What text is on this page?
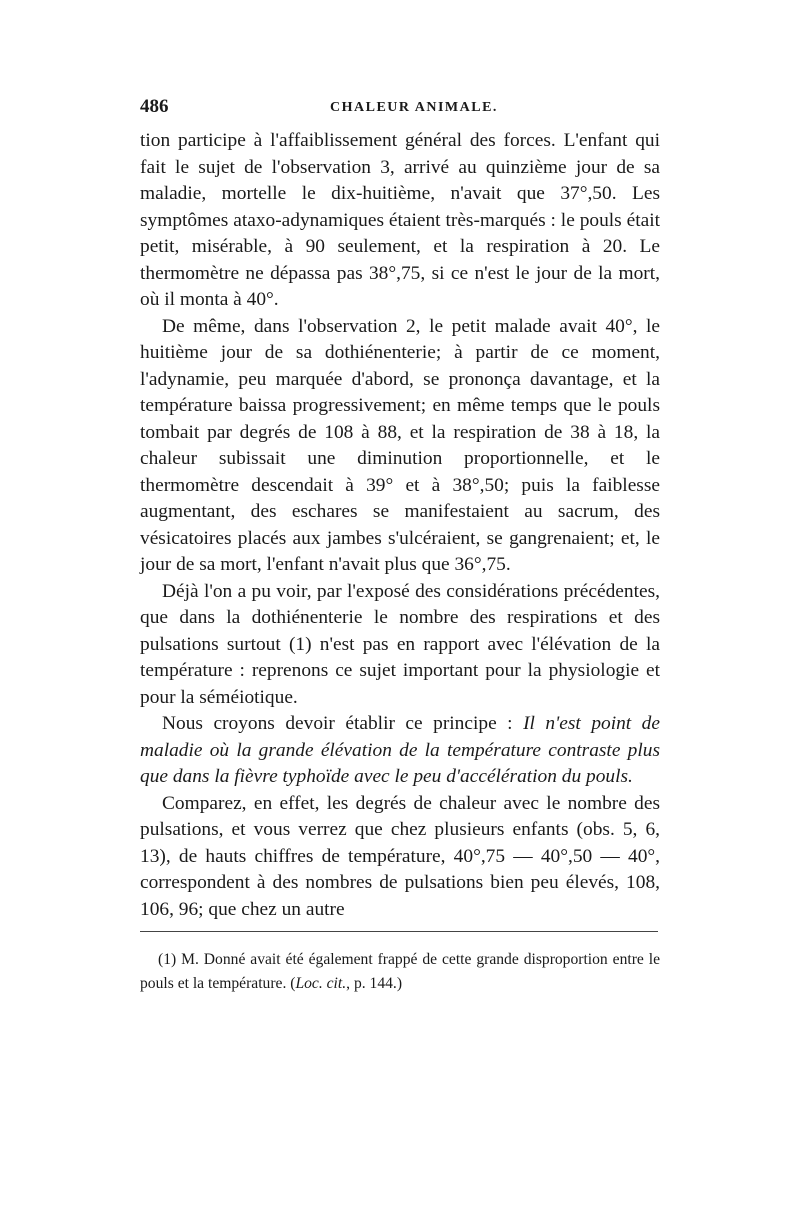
486	CHALEUR ANIMALE.

tion participe à l'affaiblissement général des forces. L'enfant qui fait le sujet de l'observation 3, arrivé au quinzième jour de sa maladie, mortelle le dix-huitième, n'avait que 37°,50. Les symptômes ataxo-adynamiques étaient très-marqués : le pouls était petit, misérable, à 90 seulement, et la respiration à 20. Le thermomètre ne dépassa pas 38°,75, si ce n'est le jour de la mort, où il monta à 40°.

De même, dans l'observation 2, le petit malade avait 40°, le huitième jour de sa dothiénenterie; à partir de ce moment, l'adynamie, peu marquée d'abord, se prononça davantage, et la température baissa progressivement; en même temps que le pouls tombait par degrés de 108 à 88, et la respiration de 38 à 18, la chaleur subissait une diminution proportionnelle, et le thermomètre descendait à 39° et à 38°,50; puis la faiblesse augmentant, des eschares se manifestaient au sacrum, des vésicatoires placés aux jambes s'ulcéraient, se gangrenaient; et, le jour de sa mort, l'enfant n'avait plus que 36°,75.

Déjà l'on a pu voir, par l'exposé des considérations précédentes, que dans la dothiénenterie le nombre des respirations et des pulsations surtout (1) n'est pas en rapport avec l'élévation de la température : reprenons ce sujet important pour la physiologie et pour la séméiotique.

Nous croyons devoir établir ce principe : Il n'est point de maladie où la grande élévation de la température contraste plus que dans la fièvre typhoïde avec le peu d'accélération du pouls.

Comparez, en effet, les degrés de chaleur avec le nombre des pulsations, et vous verrez que chez plusieurs enfants (obs. 5, 6, 13), de hauts chiffres de température, 40°,75 — 40°,50 — 40°, correspondent à des nombres de pulsations bien peu élevés, 108, 106, 96; que chez un autre

(1) M. Donné avait été également frappé de cette grande disproportion entre le pouls et la température. (Loc. cit., p. 144.)
